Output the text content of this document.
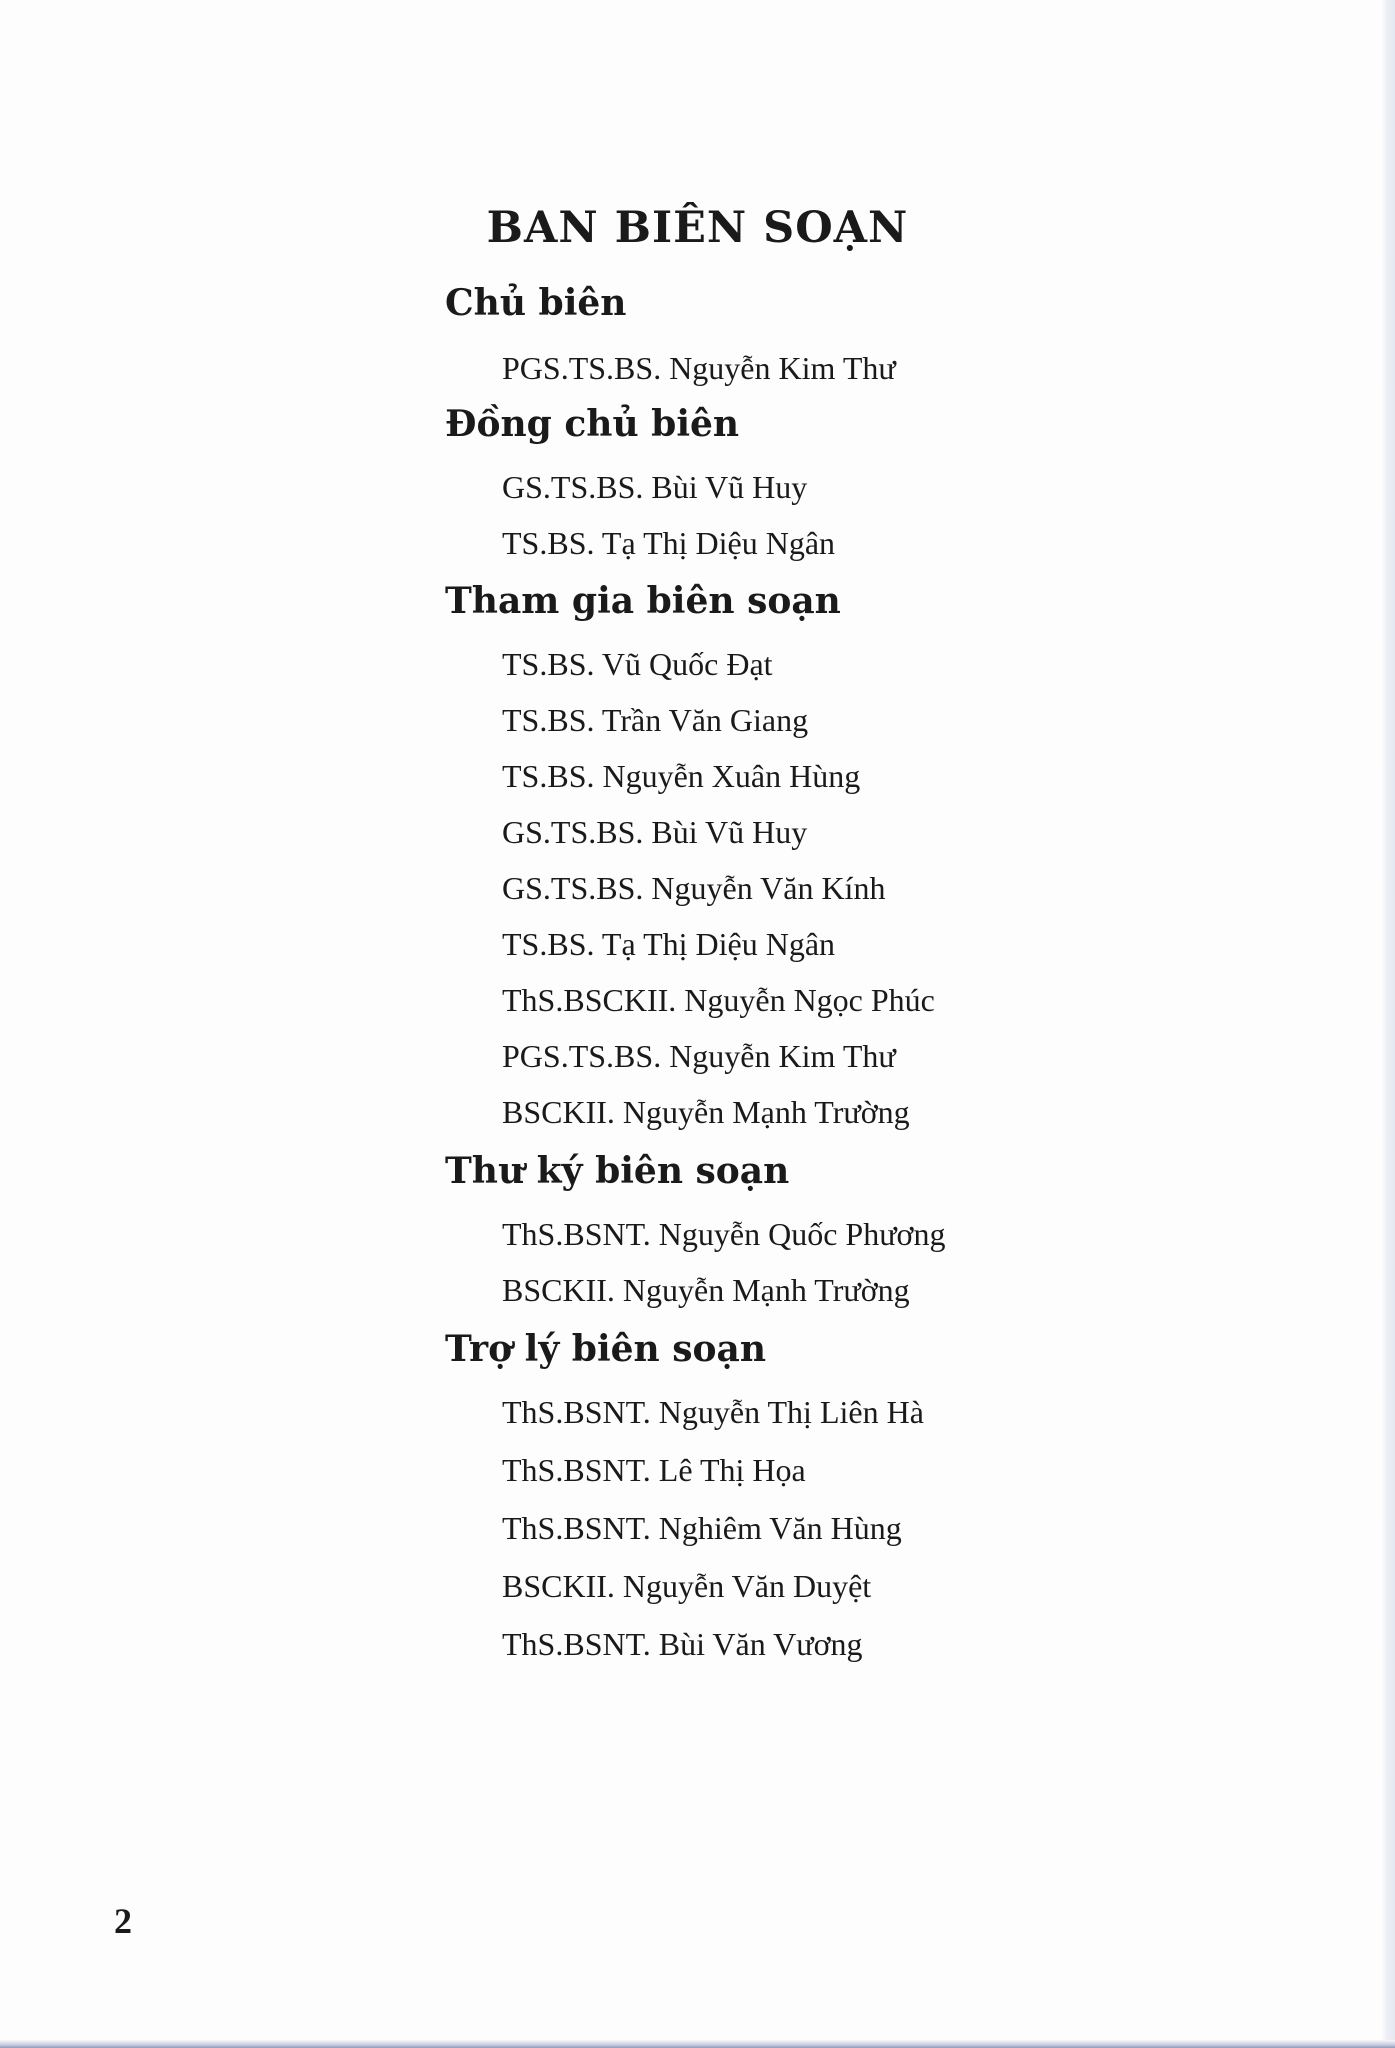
BAN BIÊN SOẠN
Chủ biên

PGS.TS.BS. Nguyễn Kim Thư

Đồng chủ biên

GS.TS.BS. Bùi Vũ Huy

TS.BS. Tạ Thị Diệu Ngân

Tham gia biên soạn

TS.BS. Vũ Quốc Đạt

TS.BS. Trần Văn Giang

TS.BS. Nguyễn Xuân Hùng

GS.TS.BS. Bùi Vũ Huy

GS.TS.BS. Nguyễn Văn Kính

TS.BS. Tạ Thị Diệu Ngân

ThS.BSCKII. Nguyễn Ngọc Phúc

PGS.TS.BS. Nguyễn Kim Thư

BSCKII. Nguyễn Mạnh Trường

Thư ký biên soạn

ThS.BSNT. Nguyễn Quốc Phương

BSCKII. Nguyễn Mạnh Trường

Trợ lý biên soạn

ThS.BSNT. Nguyễn Thị Liên Hà

ThS.BSNT. Lê Thị Họa

ThS.BSNT. Nghiêm Văn Hùng

BSCKII. Nguyễn Văn Duyệt

ThS.BSNT. Bùi Văn Vương

2
